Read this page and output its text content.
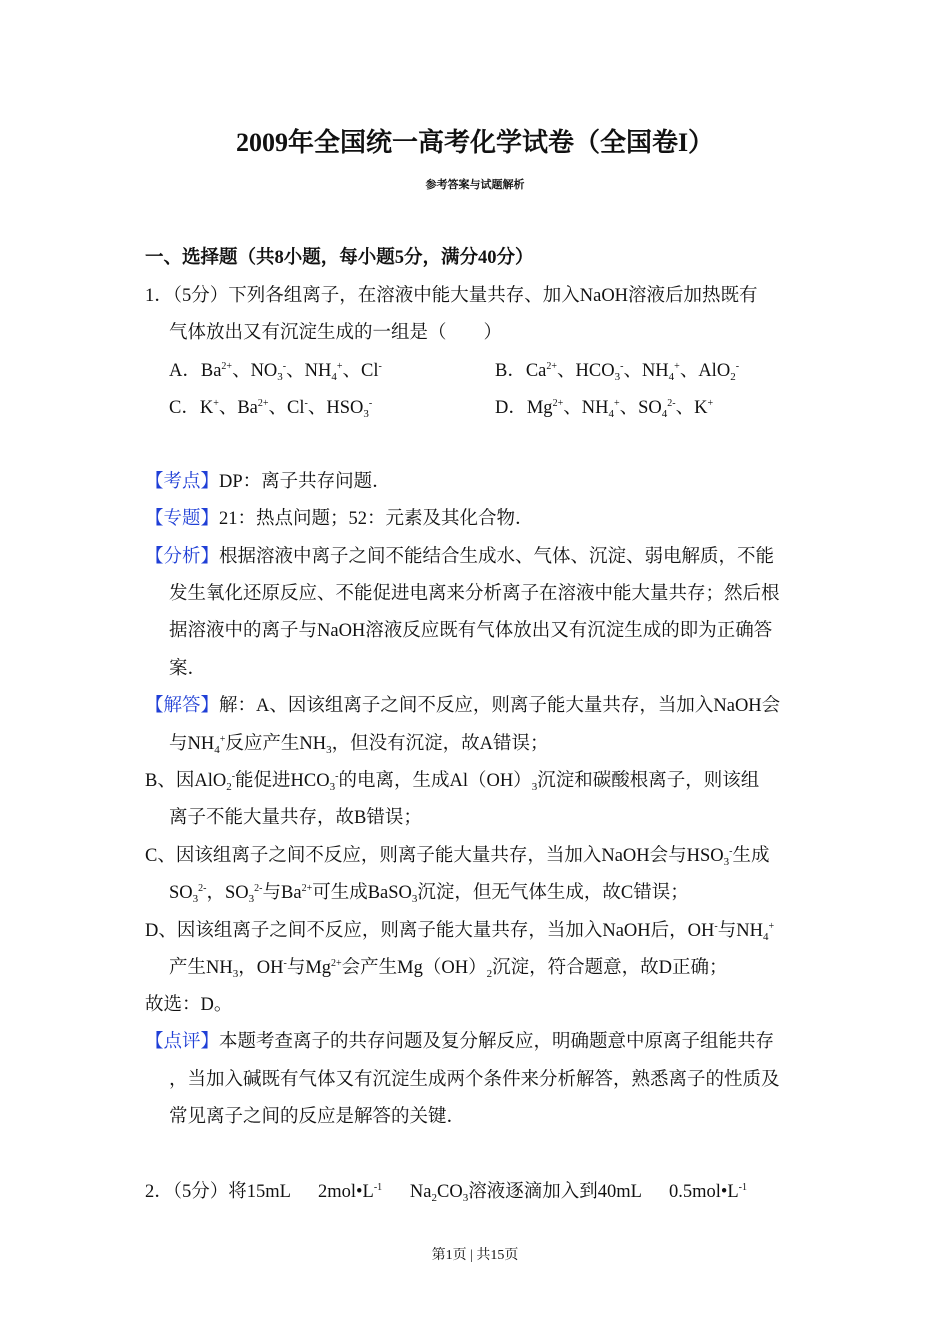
2009年全国统一高考化学试卷（全国卷I）
参考答案与试题解析
一、选择题（共8小题，每小题5分，满分40分）
1．（5分）下列各组离子，在溶液中能大量共存、加入NaOH溶液后加热既有
气体放出又有沉淀生成的一组是（　　）
A．$Ba^{2+}$、$NO_3^-$、$NH_4^+$、Cl-	B．$Ca^{2+}$、$HCO_3^-$、$NH_4^+$、AlO$_2$-
C．K+、$Ba^{2+}$、Cl-、$HSO_3^-$	D．$Mg^{2+}$、$NH_4^+$、$SO_4^{2-}$、K+
【考点】DP：离子共存问题．
【专题】21：热点问题；52：元素及其化合物．
【分析】根据溶液中离子之间不能结合生成水、气体、沉淀、弱电解质，不能
发生氧化还原反应、不能促进电离来分析离子在溶液中能大量共存；然后根
据溶液中的离子与NaOH溶液反应既有气体放出又有沉淀生成的即为正确答
案．
【解答】解：A、因该组离子之间不反应，则离子能大量共存，当加入NaOH会
与$NH_4^+$反应产生$NH_3$，但没有沉淀，故A错误；
B、因AlO$_2$-能促进$HCO_3^-$的电离，生成$Al(OH)_3$沉淀和碳酸根离子，则该组
离子不能大量共存，故B错误；
C、因该组离子之间不反应，则离子能大量共存，当加入NaOH会与$HSO_3^-$生成
$SO_3^{2-}$，$SO_3^{2-}$与$Ba^{2+}$可生成BaSO$_3$沉淀，但无气体生成，故C错误；
D、因该组离子之间不反应，则离子能大量共存，当加入NaOH后，OH-与$NH_4^+$
产生$NH_3$，OH-与$Mg^{2+}$会产生$Mg(OH)_2$沉淀，符合题意，故D正确；
故选：D。
【点评】本题考查离子的共存问题及复分解反应，明确题意中原离子组能共存
，当加入碱既有气体又有沉淀生成两个条件来分析解答，熟悉离子的性质及
常见离子之间的反应是解答的关键．
2．（5分）将15mL      $2mol•L^{-1}$      $Na_2CO_3$溶液逐滴加入到40mL      $0.5mol•L^{-1}$
第1页 | 共15页
